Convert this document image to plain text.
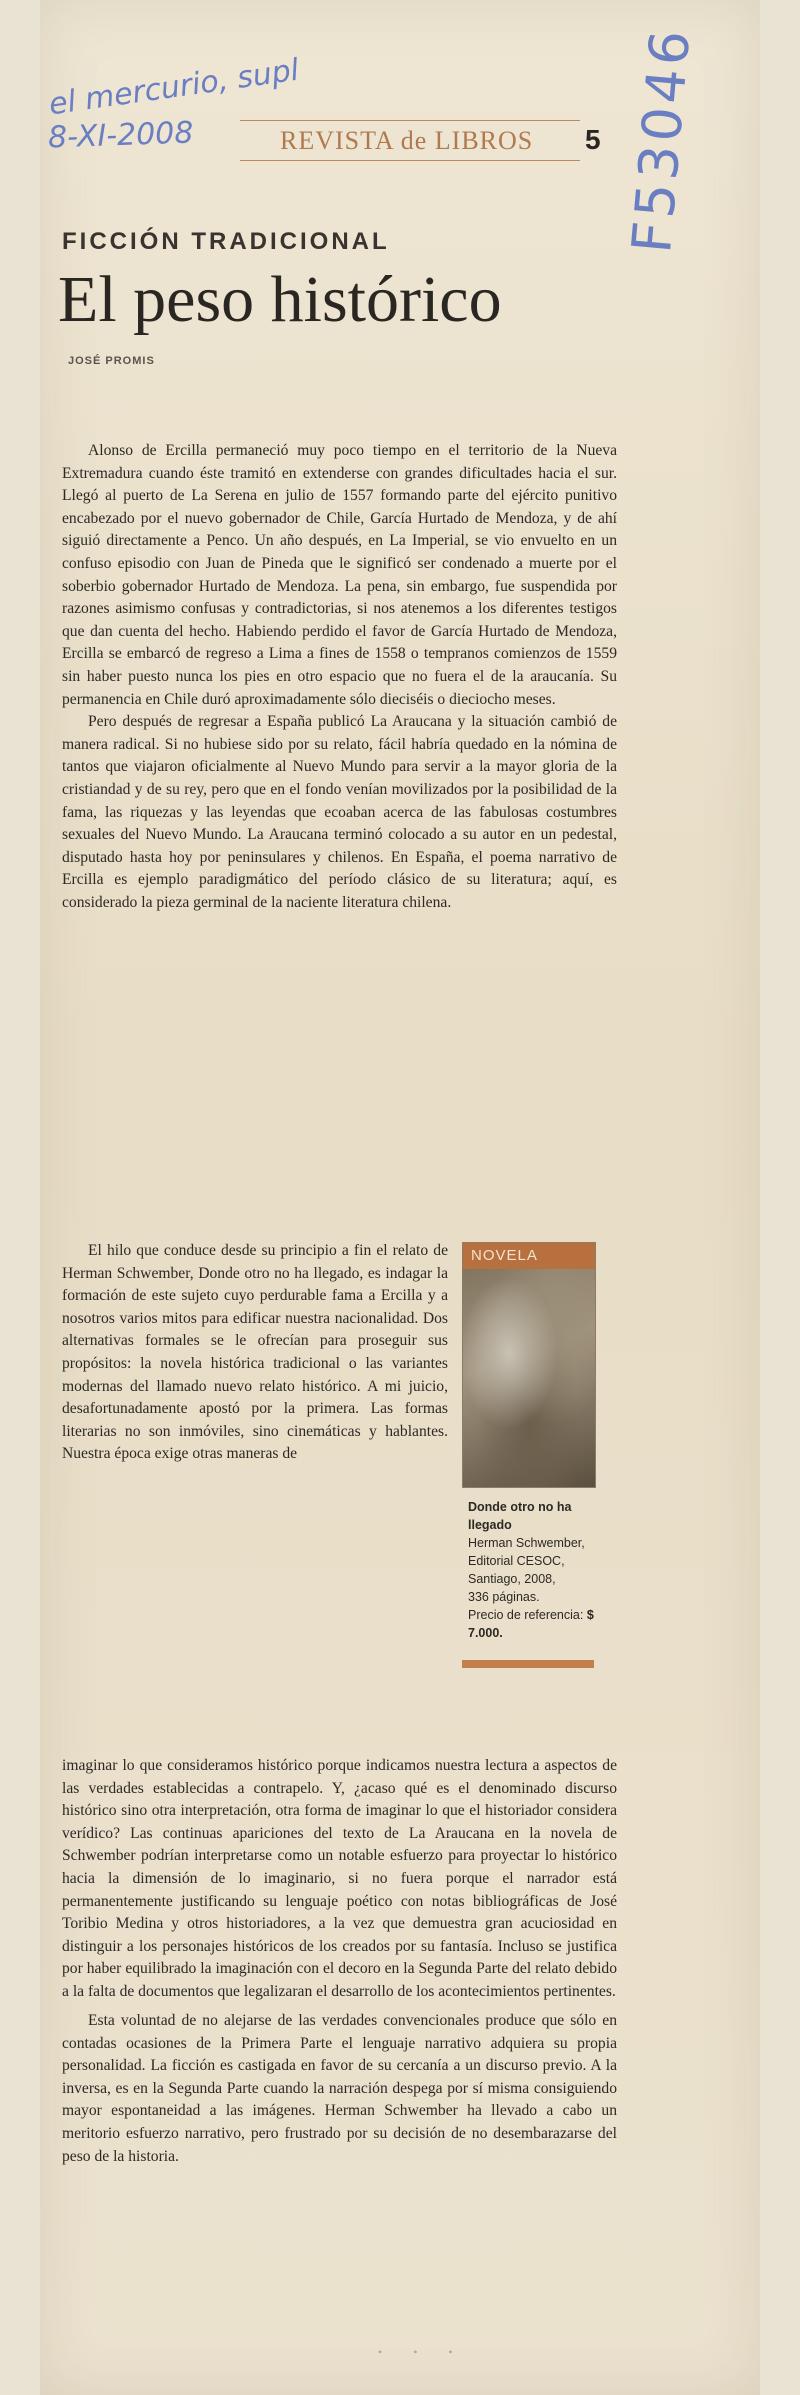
el mercurio, supl
8-XI-2008	F53046
REVISTA de LIBROS 5
FICCIÓN TRADICIONAL
El peso histórico
JOSÉ PROMIS

Alonso de Ercilla permaneció muy poco tiempo en el territorio de la Nueva Extremadura cuando éste tramitó en extenderse con grandes dificultades hacia el sur. Llegó al puerto de La Serena en julio de 1557 formando parte del ejército punitivo encabezado por el nuevo gobernador de Chile, García Hurtado de Mendoza, y de ahí siguió directamente a Penco. Un año después, en La Imperial, se vio envuelto en un confuso episodio con Juan de Pineda que le significó ser condenado a muerte por el soberbio gobernador Hurtado de Mendoza. La pena, sin embargo, fue suspendida por razones asimismo confusas y contradictorias, si nos atenemos a los diferentes testigos que dan cuenta del hecho. Habiendo perdido el favor de García Hurtado de Mendoza, Ercilla se embarcó de regreso a Lima a fines de 1558 o tempranos comienzos de 1559 sin haber puesto nunca los pies en otro espacio que no fuera el de la araucanía. Su permanencia en Chile duró aproximadamente sólo dieciséis o dieciocho meses.

Pero después de regresar a España publicó La Araucana y la situación cambió de manera radical. Si no hubiese sido por su relato, fácil habría quedado en la nómina de tantos que viajaron oficialmente al Nuevo Mundo para servir a la mayor gloria de la cristiandad y de su rey, pero que en el fondo venían movilizados por la posibilidad de la fama, las riquezas y las leyendas que ecoaban acerca de las fabulosas costumbres sexuales del Nuevo Mundo. La Araucana terminó colocado a su autor en un pedestal, disputado hasta hoy por peninsulares y chilenos. En España, el poema narrativo de Ercilla es ejemplo paradigmático del período clásico de su literatura; aquí, es considerado la pieza germinal de la naciente literatura chilena.

El hilo que conduce desde su principio a fin el relato de Herman Schwember, Donde otro no ha llegado, es indagar la formación de este sujeto cuyo perdurable fama a Ercilla y a nosotros varios mitos para edificar nuestra nacionalidad. Dos alternativas formales se le ofrecían para proseguir sus propósitos: la novela histórica tradicional o las variantes modernas del llamado nuevo relato histórico. A mi juicio, desafortunadamente apostó por la primera. Las formas literarias no son inmóviles, sino cinemáticas y hablantes. Nuestra época exige otras maneras de

NOVELA
Donde otro no ha llegado
Herman Schwember,
Editorial CESOC,
Santiago, 2008,
336 páginas.
Precio de referencia: $ 7.000.

imaginar lo que consideramos histórico porque indicamos nuestra lectura a aspectos de las verdades establecidas a contrapelo. Y, ¿acaso qué es el denominado discurso histórico sino otra interpretación, otra forma de imaginar lo que el historiador considera verídico? Las continuas apariciones del texto de La Araucana en la novela de Schwember podrían interpretarse como un notable esfuerzo para proyectar lo histórico hacia la dimensión de lo imaginario, si no fuera porque el narrador está permanentemente justificando su lenguaje poético con notas bibliográficas de José Toribio Medina y otros historiadores, a la vez que demuestra gran acuciosidad en distinguir a los personajes históricos de los creados por su fantasía. Incluso se justifica por haber equilibrado la imaginación con el decoro en la Segunda Parte del relato debido a la falta de documentos que legalizaran el desarrollo de los acontecimientos pertinentes.

Esta voluntad de no alejarse de las verdades convencionales produce que sólo en contadas ocasiones de la Primera Parte el lenguaje narrativo adquiera su propia personalidad. La ficción es castigada en favor de su cercanía a un discurso previo. A la inversa, es en la Segunda Parte cuando la narración despega por sí misma consiguiendo mayor espontaneidad a las imágenes. Herman Schwember ha llevado a cabo un meritorio esfuerzo narrativo, pero frustrado por su decisión de no desembarazarse del peso de la historia.

• • •
